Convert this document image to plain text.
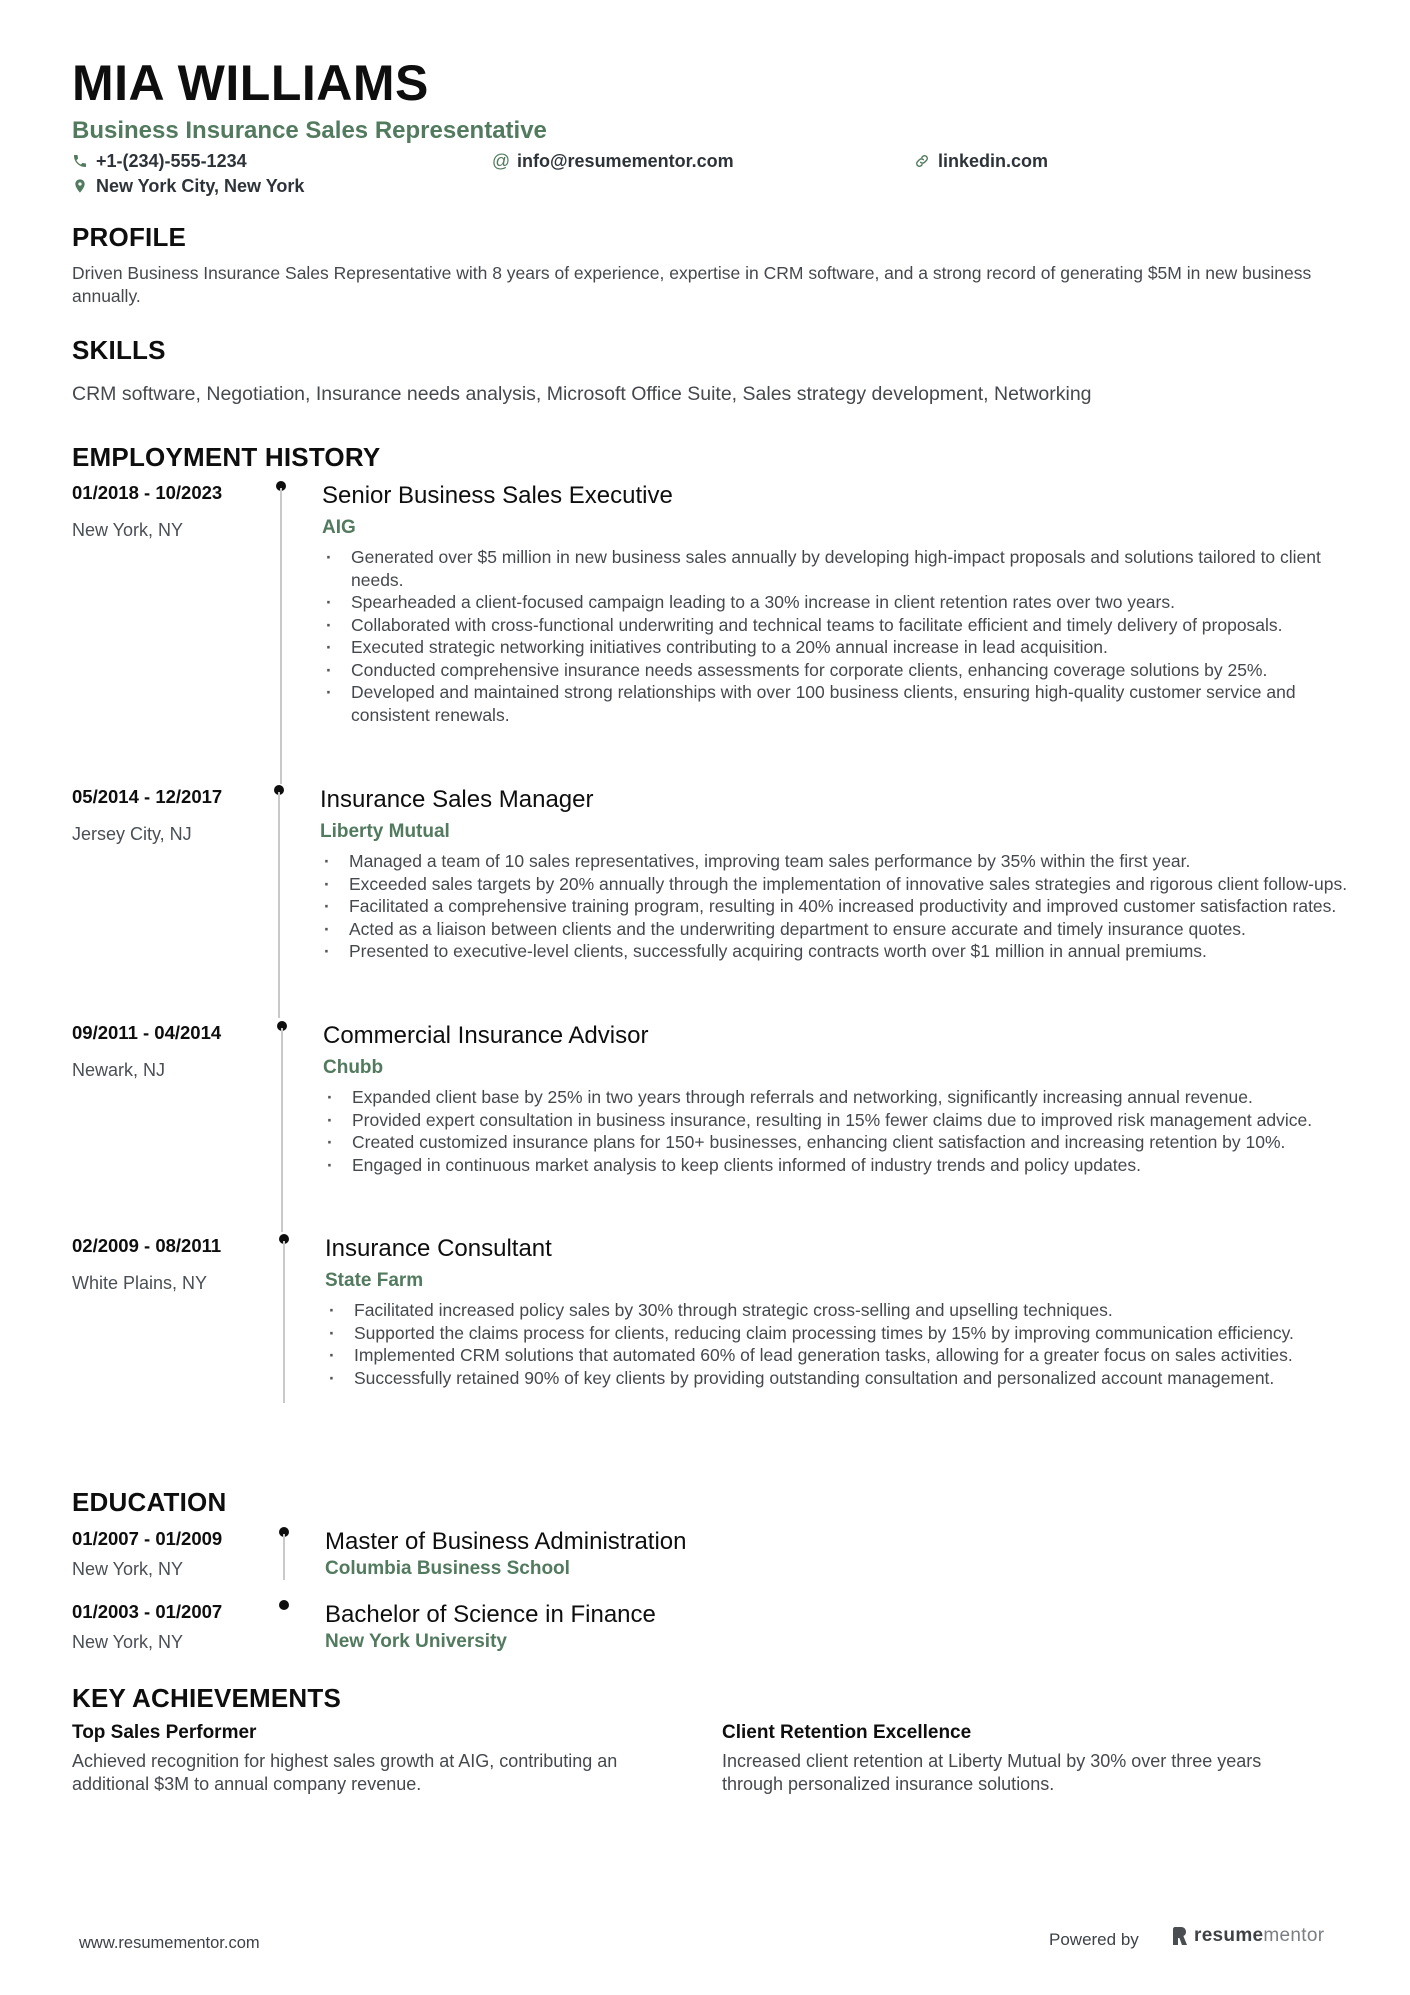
MIA WILLIAMS
Business Insurance Sales Representative
+1-(234)-555-1234	@ info@resumementor.com	linkedin.com
New York City, New York
PROFILE
Driven Business Insurance Sales Representative with 8 years of experience, expertise in CRM software, and a strong record of generating $5M in new business annually.
SKILLS
CRM software, Negotiation, Insurance needs analysis, Microsoft Office Suite, Sales strategy development, Networking
EMPLOYMENT HISTORY
01/2018 - 10/2023
New York, NY
Senior Business Sales Executive
AIG
· Generated over $5 million in new business sales annually by developing high-impact proposals and solutions tailored to client needs.
· Spearheaded a client-focused campaign leading to a 30% increase in client retention rates over two years.
· Collaborated with cross-functional underwriting and technical teams to facilitate efficient and timely delivery of proposals.
· Executed strategic networking initiatives contributing to a 20% annual increase in lead acquisition.
· Conducted comprehensive insurance needs assessments for corporate clients, enhancing coverage solutions by 25%.
· Developed and maintained strong relationships with over 100 business clients, ensuring high-quality customer service and consistent renewals.
05/2014 - 12/2017
Jersey City, NJ
Insurance Sales Manager
Liberty Mutual
· Managed a team of 10 sales representatives, improving team sales performance by 35% within the first year.
· Exceeded sales targets by 20% annually through the implementation of innovative sales strategies and rigorous client follow-ups.
· Facilitated a comprehensive training program, resulting in 40% increased productivity and improved customer satisfaction rates.
· Acted as a liaison between clients and the underwriting department to ensure accurate and timely insurance quotes.
· Presented to executive-level clients, successfully acquiring contracts worth over $1 million in annual premiums.
09/2011 - 04/2014
Newark, NJ
Commercial Insurance Advisor
Chubb
· Expanded client base by 25% in two years through referrals and networking, significantly increasing annual revenue.
· Provided expert consultation in business insurance, resulting in 15% fewer claims due to improved risk management advice.
· Created customized insurance plans for 150+ businesses, enhancing client satisfaction and increasing retention by 10%.
· Engaged in continuous market analysis to keep clients informed of industry trends and policy updates.
02/2009 - 08/2011
White Plains, NY
Insurance Consultant
State Farm
· Facilitated increased policy sales by 30% through strategic cross-selling and upselling techniques.
· Supported the claims process for clients, reducing claim processing times by 15% by improving communication efficiency.
· Implemented CRM solutions that automated 60% of lead generation tasks, allowing for a greater focus on sales activities.
· Successfully retained 90% of key clients by providing outstanding consultation and personalized account management.
EDUCATION
01/2007 - 01/2009
New York, NY
Master of Business Administration
Columbia Business School
01/2003 - 01/2007
New York, NY
Bachelor of Science in Finance
New York University
KEY ACHIEVEMENTS
Top Sales Performer
Achieved recognition for highest sales growth at AIG, contributing an additional $3M to annual company revenue.
Client Retention Excellence
Increased client retention at Liberty Mutual by 30% over three years through personalized insurance solutions.
www.resumementor.com	Powered by	resume mentor
